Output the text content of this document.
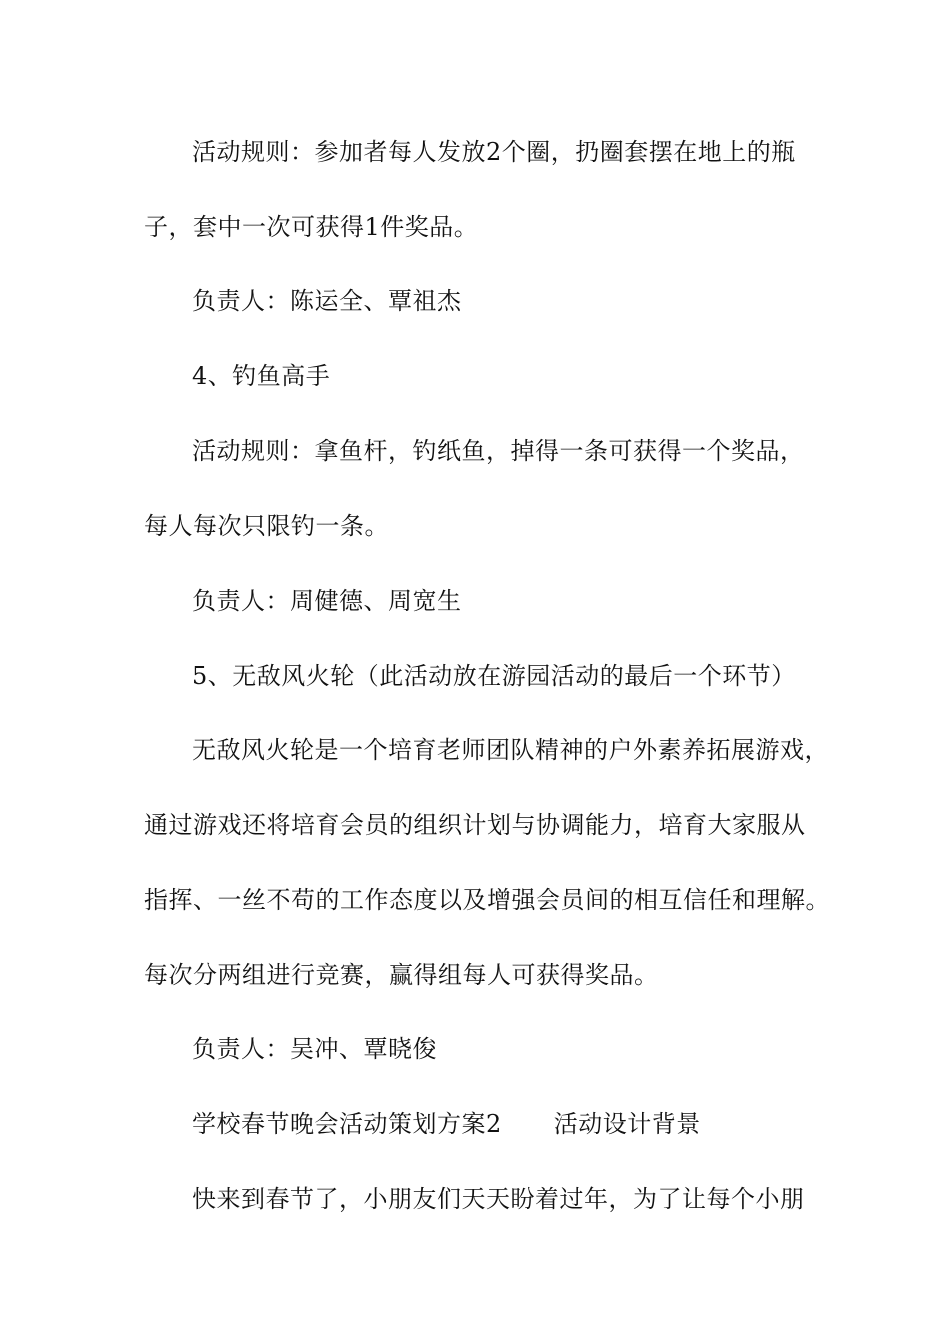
活动规则：参加者每人发放2个圈，扔圈套摆在地上的瓶
子，套中一次可获得1件奖品。
负责人：陈运全、覃祖杰
4、钓鱼高手
活动规则：拿鱼杆，钓纸鱼，掉得一条可获得一个奖品，
每人每次只限钓一条。
负责人：周健德、周宽生
5、无敌风火轮（此活动放在游园活动的最后一个环节）
无敌风火轮是一个培育老师团队精神的户外素养拓展游戏，
通过游戏还将培育会员的组织计划与协调能力，培育大家服从
指挥、一丝不苟的工作态度以及增强会员间的相互信任和理解。
每次分两组进行竞赛，赢得组每人可获得奖品。
负责人：吴冲、覃晓俊
学校春节晚会活动策划方案2 活动设计背景
快来到春节了，小朋友们天天盼着过年，为了让每个小朋
